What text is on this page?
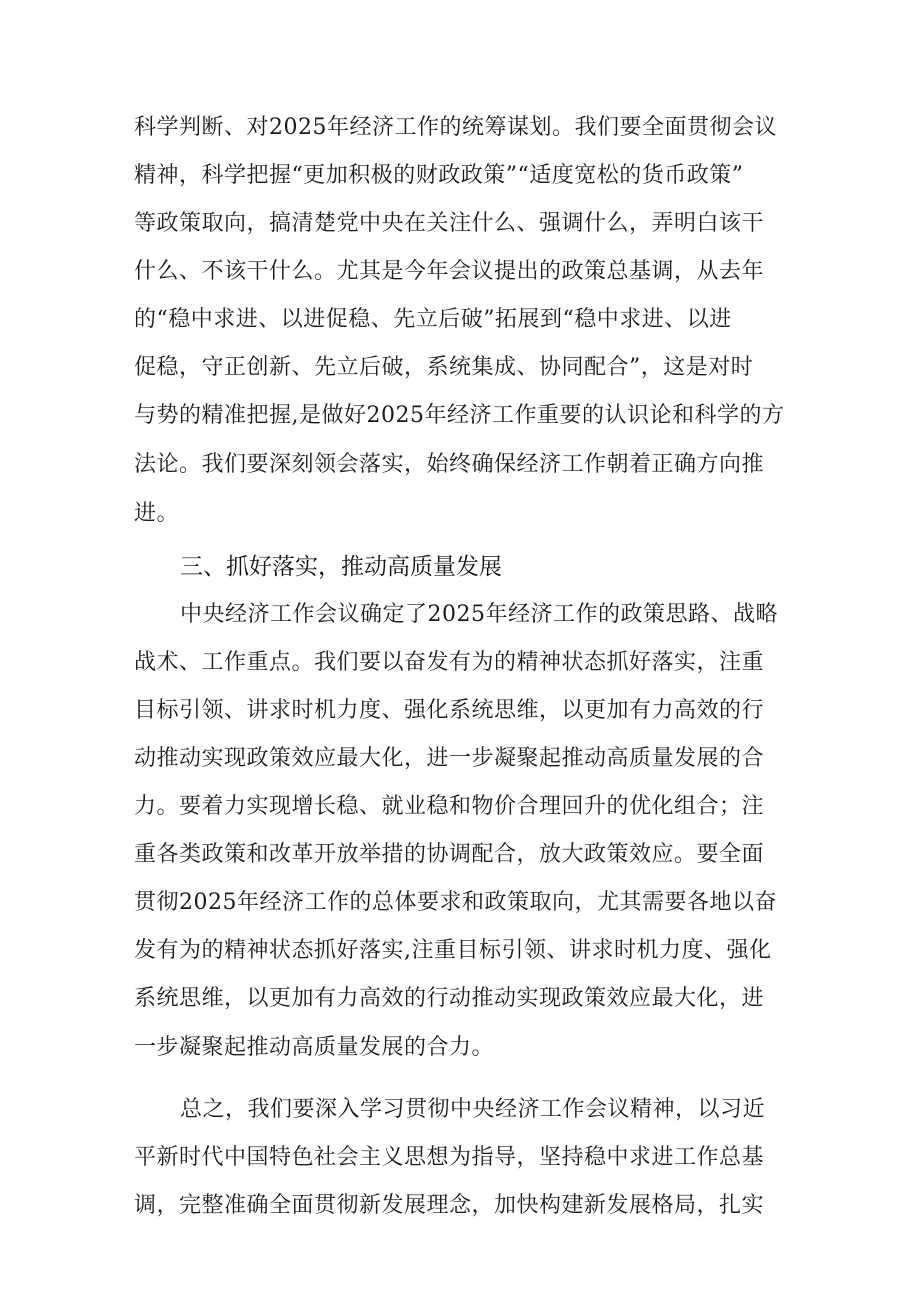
科学判断、对2025年经济工作的统筹谋划。我们要全面贯彻会议
精神，科学把握“更加积极的财政政策”“适度宽松的货币政策”
等政策取向，搞清楚党中央在关注什么、强调什么，弄明白该干
什么、不该干什么。尤其是今年会议提出的政策总基调，从去年
的“稳中求进、以进促稳、先立后破”拓展到“稳中求进、以进
促稳，守正创新、先立后破，系统集成、协同配合”，这是对时
与势的精准把握,是做好2025年经济工作重要的认识论和科学的方
法论。我们要深刻领会落实，始终确保经济工作朝着正确方向推
进。
三、抓好落实，推动高质量发展
中央经济工作会议确定了2025年经济工作的政策思路、战略
战术、工作重点。我们要以奋发有为的精神状态抓好落实，注重
目标引领、讲求时机力度、强化系统思维，以更加有力高效的行
动推动实现政策效应最大化，进一步凝聚起推动高质量发展的合
力。要着力实现增长稳、就业稳和物价合理回升的优化组合；注
重各类政策和改革开放举措的协调配合，放大政策效应。要全面
贯彻2025年经济工作的总体要求和政策取向，尤其需要各地以奋
发有为的精神状态抓好落实,注重目标引领、讲求时机力度、强化
系统思维，以更加有力高效的行动推动实现政策效应最大化，进
一步凝聚起推动高质量发展的合力。
总之，我们要深入学习贯彻中央经济工作会议精神，以习近
平新时代中国特色社会主义思想为指导，坚持稳中求进工作总基
调，完整准确全面贯彻新发展理念，加快构建新发展格局，扎实
